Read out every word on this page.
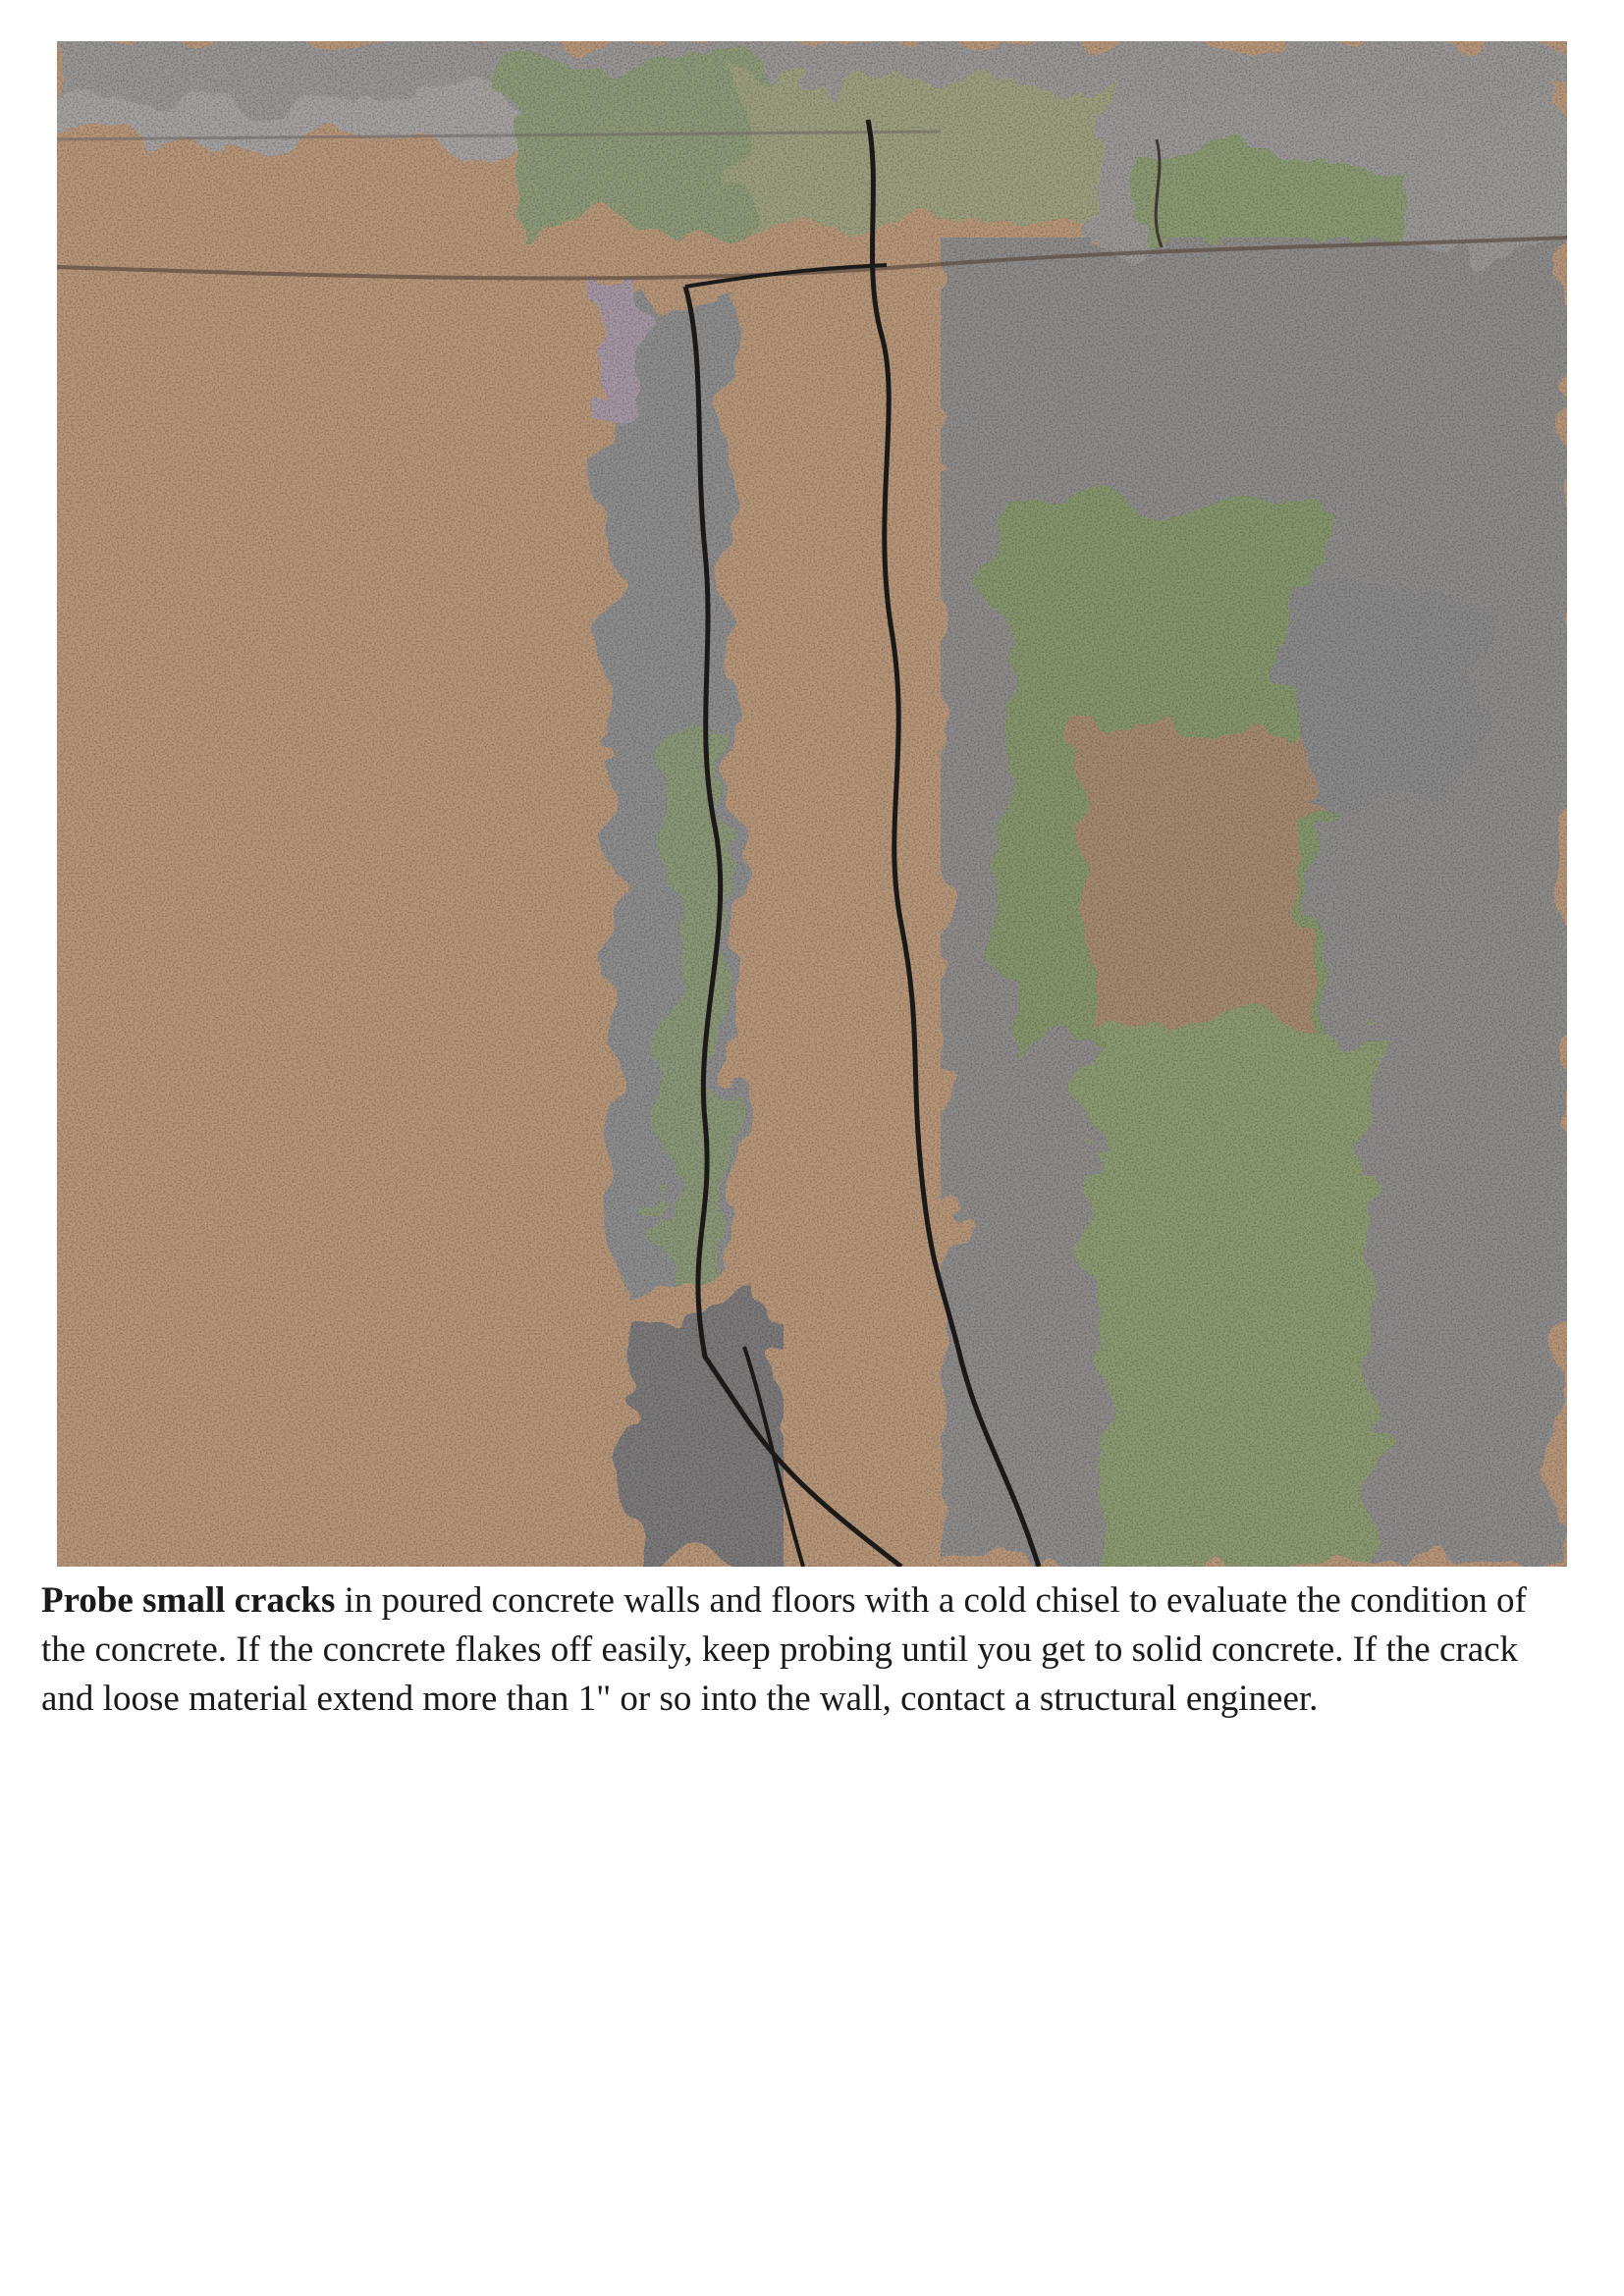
Probe small cracks in poured concrete walls and floors with a cold chisel to evaluate the condition of the concrete. If the concrete flakes off easily, keep probing until you get to solid concrete. If the crack and loose material extend more than 1" or so into the wall, contact a structural engineer.
